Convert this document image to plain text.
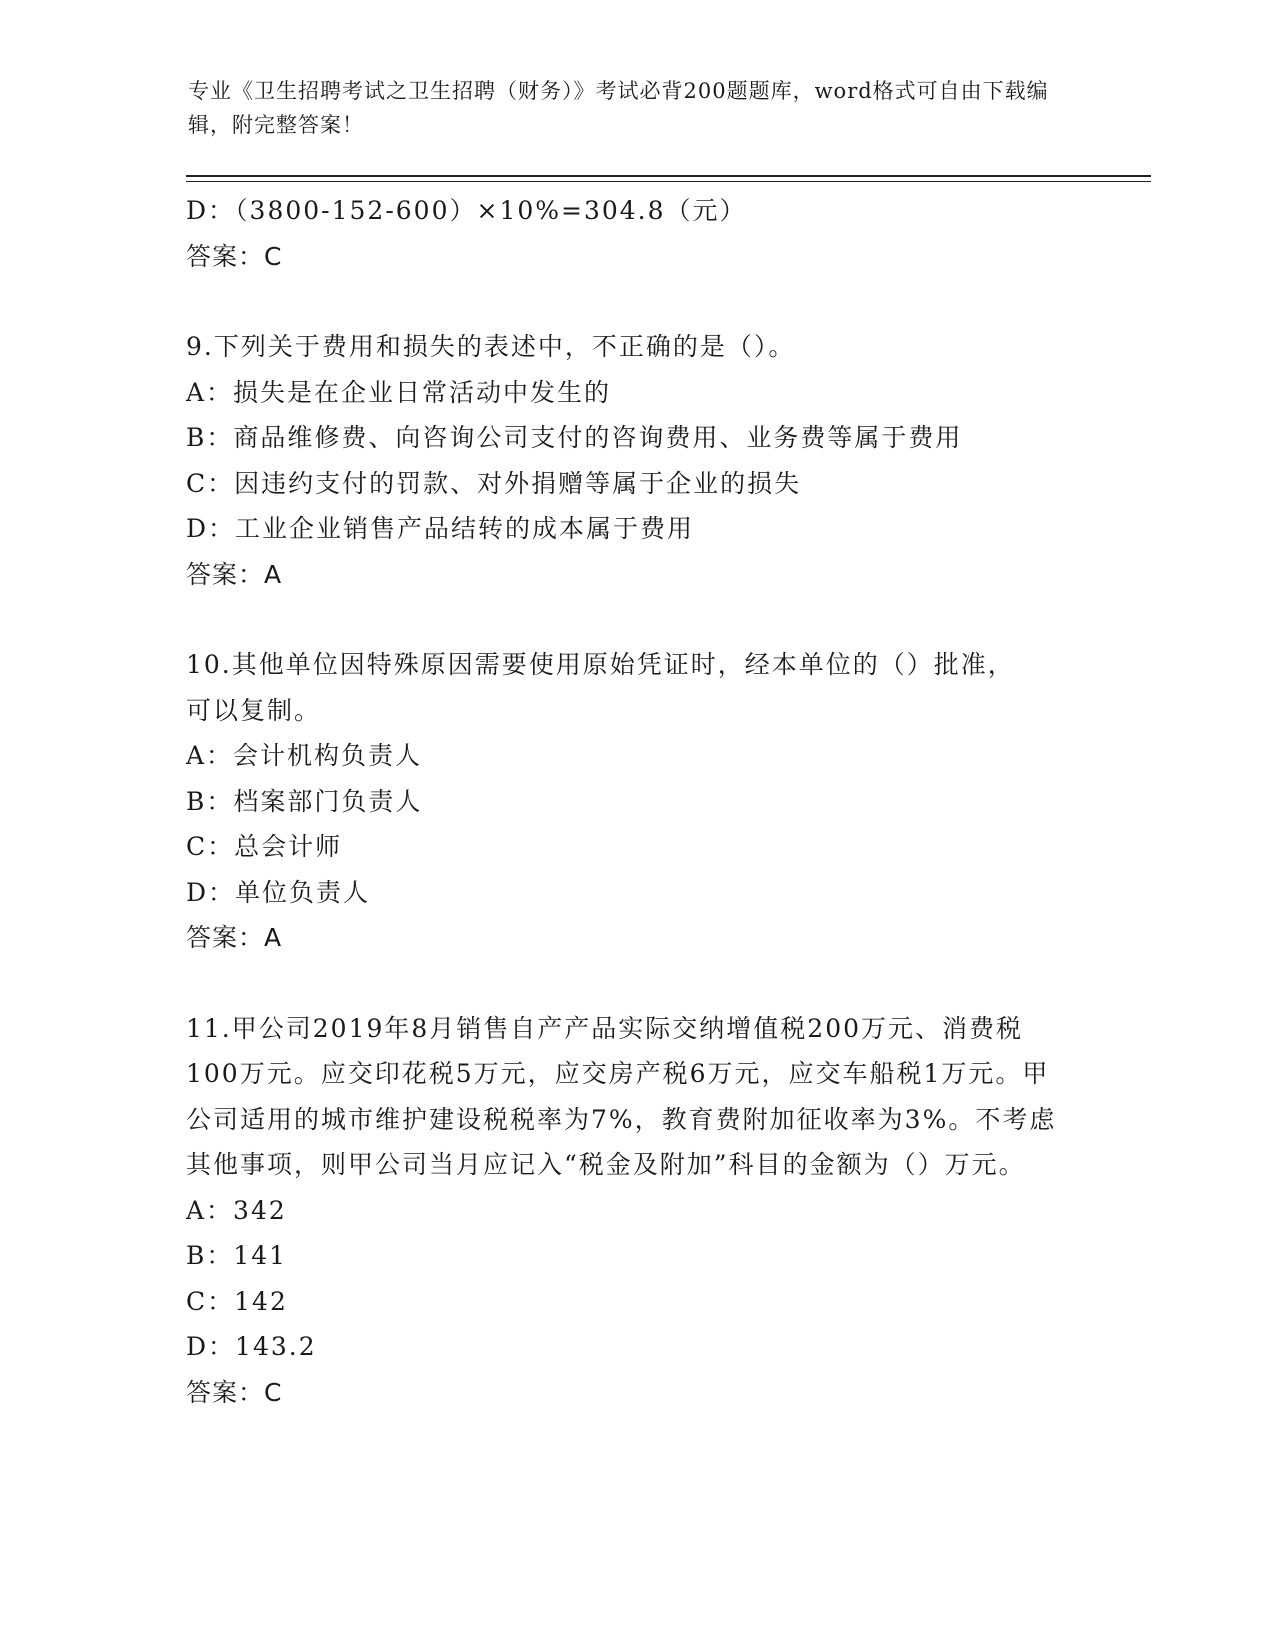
专业《卫生招聘考试之卫生招聘（财务）》考试必背200题题库，word格式可自由下载编辑，附完整答案！
D：（3800-152-600）×10%=304.8（元）
答案：C
9.下列关于费用和损失的表述中，不正确的是（）。
A：损失是在企业日常活动中发生的
B：商品维修费、向咨询公司支付的咨询费用、业务费等属于费用
C：因违约支付的罚款、对外捐赠等属于企业的损失
D：工业企业销售产品结转的成本属于费用
答案：A
10.其他单位因特殊原因需要使用原始凭证时，经本单位的（）批准，可以复制。
A：会计机构负责人
B：档案部门负责人
C：总会计师
D：单位负责人
答案：A
11.甲公司2019年8月销售自产产品实际交纳增值税200万元、消费税100万元。应交印花税5万元，应交房产税6万元，应交车船税1万元。甲公司适用的城市维护建设税税率为7%，教育费附加征收率为3%。不考虑其他事项，则甲公司当月应记入“税金及附加”科目的金额为（）万元。
A：342
B：141
C：142
D：143.2
答案：C
